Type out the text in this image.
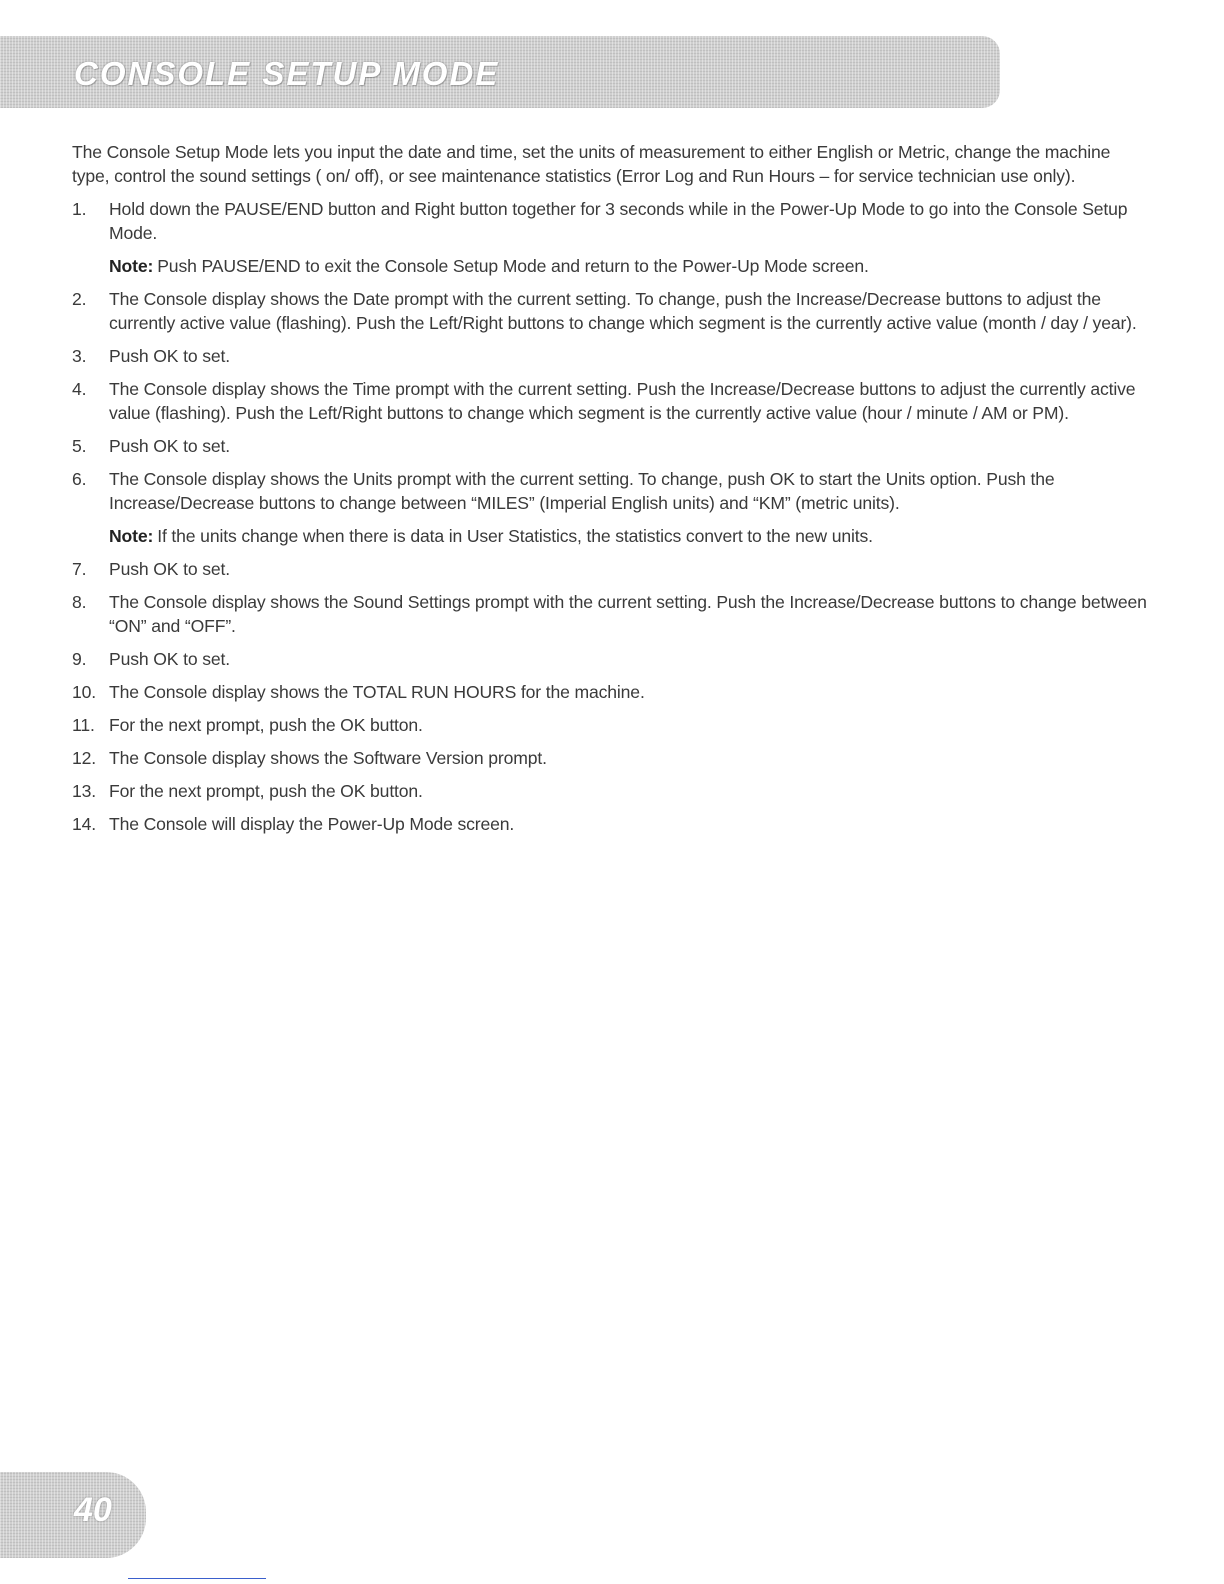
CONSOLE SETUP MODE

The Console Setup Mode lets you input the date and time, set the units of measurement to either English or Metric, change the machine type, control the sound settings ( on/ off), or see maintenance statistics (Error Log and Run Hours – for service technician use only).

1. Hold down the PAUSE/END button and Right button together for 3 seconds while in the Power-Up Mode to go into the Console Setup Mode.
Note: Push PAUSE/END to exit the Console Setup Mode and return to the Power-Up Mode screen.
2. The Console display shows the Date prompt with the current setting. To change, push the Increase/Decrease buttons to adjust the currently active value (flashing). Push the Left/Right buttons to change which segment is the currently active value (month / day / year).
3. Push OK to set.
4. The Console display shows the Time prompt with the current setting. Push the Increase/Decrease buttons to adjust the currently active value (flashing). Push the Left/Right buttons to change which segment is the currently active value (hour / minute / AM or PM).
5. Push OK to set.
6. The Console display shows the Units prompt with the current setting. To change, push OK to start the Units option. Push the Increase/Decrease buttons to change between “MILES” (Imperial English units) and “KM” (metric units).
Note: If the units change when there is data in User Statistics, the statistics convert to the new units.
7. Push OK to set.
8. The Console display shows the Sound Settings prompt with the current setting. Push the Increase/Decrease buttons to change between “ON” and “OFF”.
9. Push OK to set.
10. The Console display shows the TOTAL RUN HOURS for the machine.
11. For the next prompt, push the OK button.
12. The Console display shows the Software Version prompt.
13. For the next prompt, push the OK button.
14. The Console will display the Power-Up Mode screen.
40
